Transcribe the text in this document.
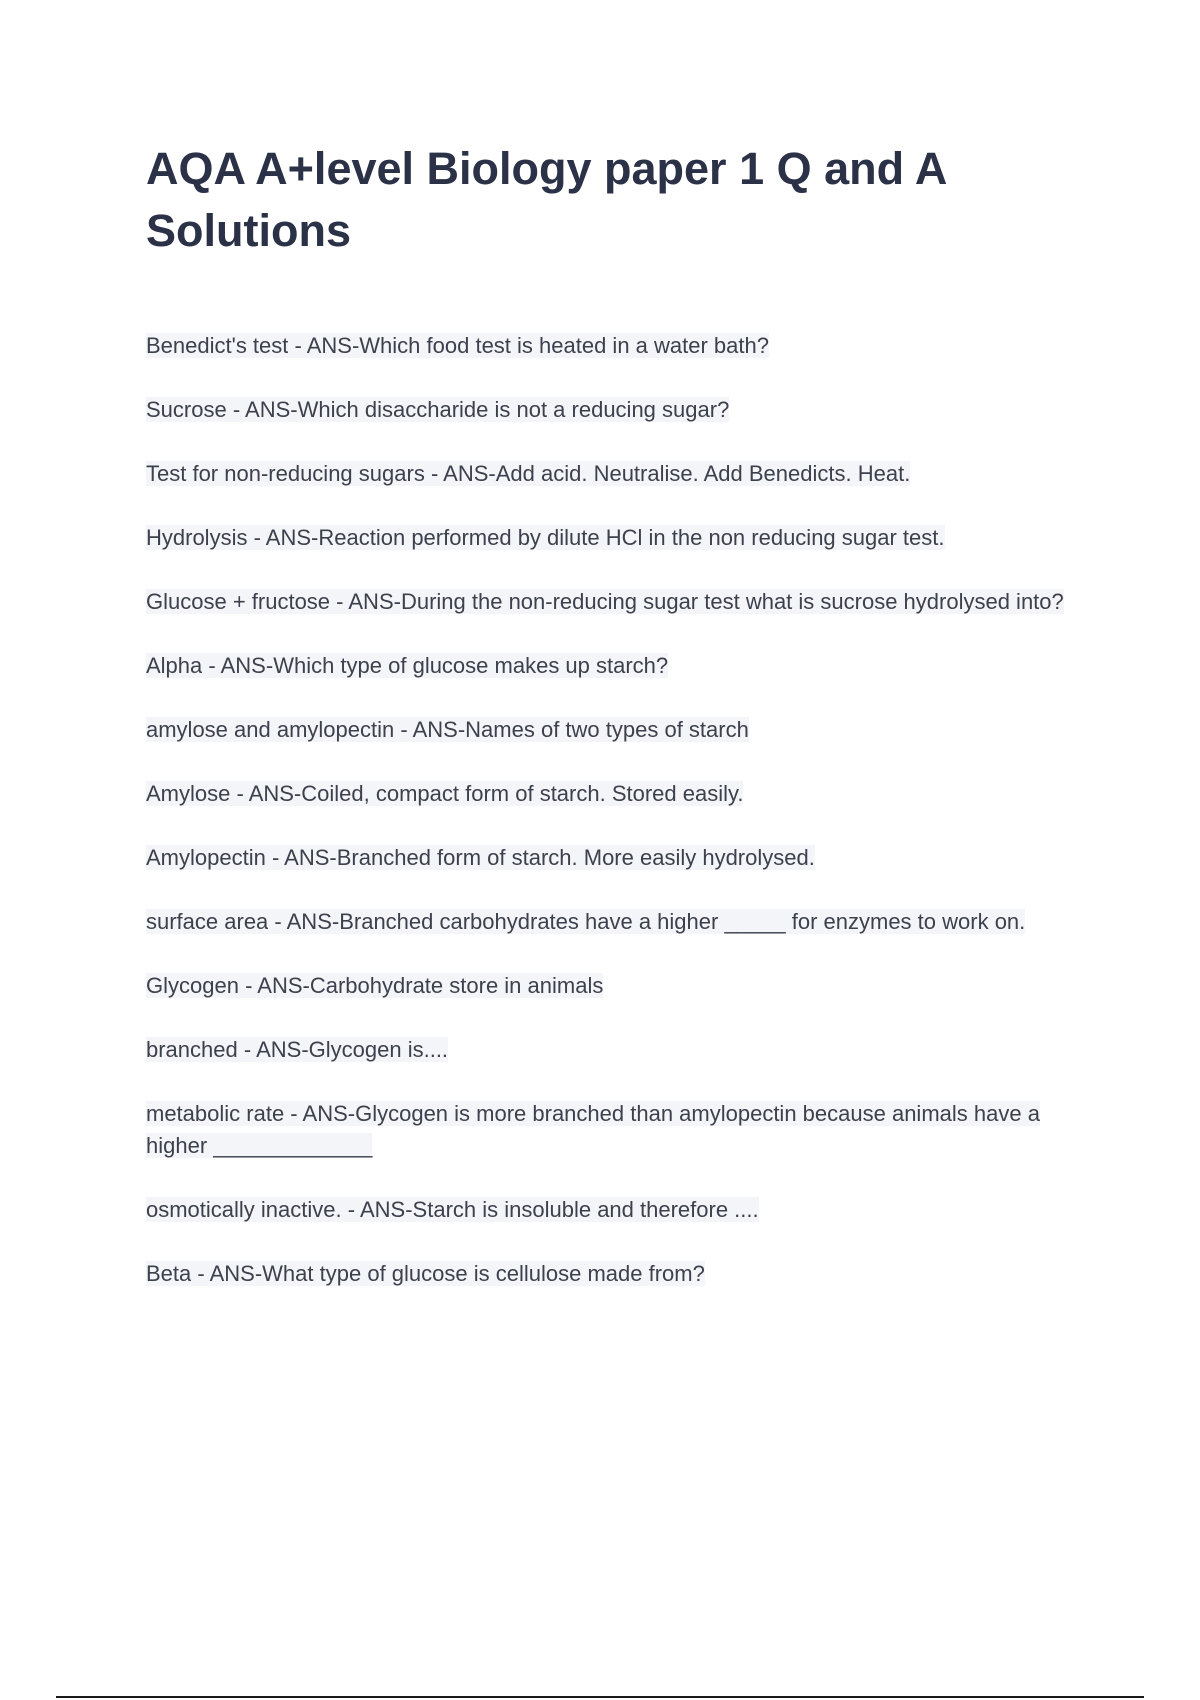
AQA A+level Biology paper 1 Q and A Solutions
Benedict's test - ANS-Which food test is heated in a water bath?
Sucrose - ANS-Which disaccharide is not a reducing sugar?
Test for non-reducing sugars - ANS-Add acid. Neutralise. Add Benedicts. Heat.
Hydrolysis - ANS-Reaction performed by dilute HCl in the non reducing sugar test.
Glucose + fructose - ANS-During the non-reducing sugar test what is sucrose hydrolysed into?
Alpha - ANS-Which type of glucose makes up starch?
amylose and amylopectin - ANS-Names of two types of starch
Amylose - ANS-Coiled, compact form of starch. Stored easily.
Amylopectin - ANS-Branched form of starch. More easily hydrolysed.
surface area - ANS-Branched carbohydrates have a higher _____ for enzymes to work on.
Glycogen - ANS-Carbohydrate store in animals
branched - ANS-Glycogen is....
metabolic rate - ANS-Glycogen is more branched than amylopectin because animals have a higher _____________
osmotically inactive. - ANS-Starch is insoluble and therefore ....
Beta - ANS-What type of glucose is cellulose made from?
